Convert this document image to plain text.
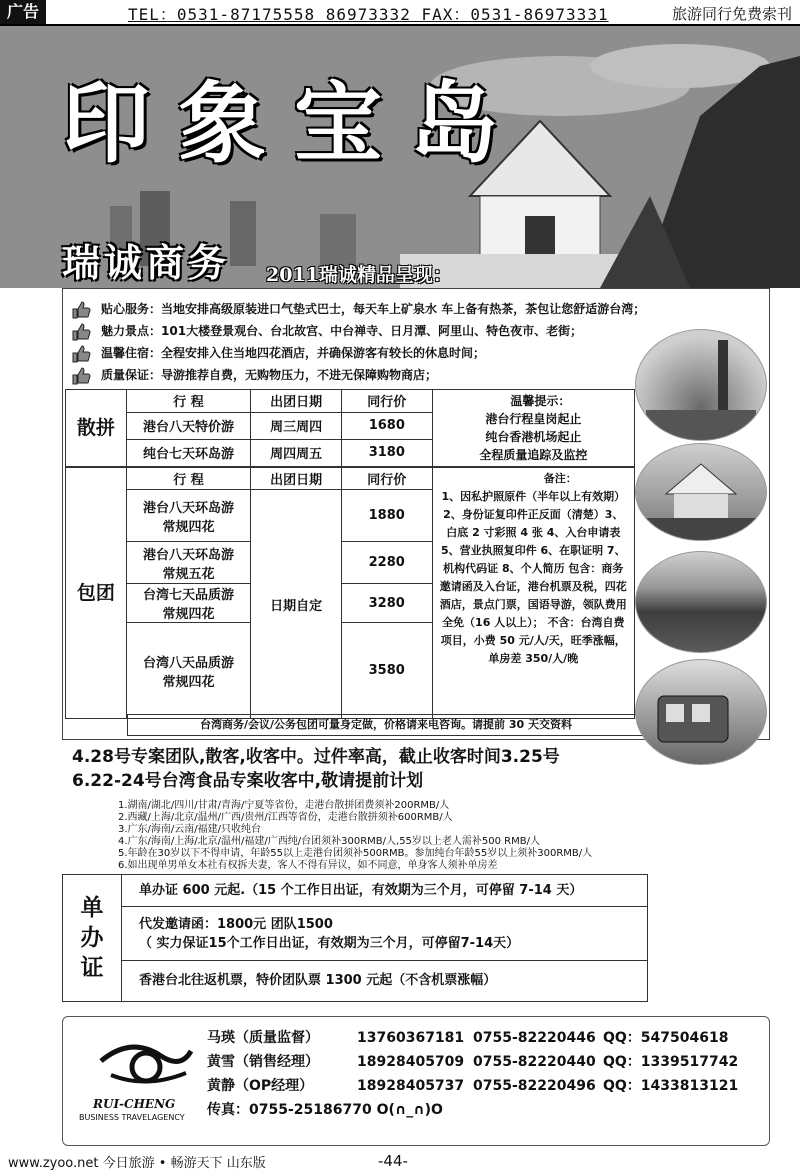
广告	TEL：0531-87175558 86973332 FAX：0531-86973331	旅游同行免费索刊
印象宝岛
瑞诚商务 2011瑞诚精品呈现：
贴心服务：当地安排高级原装进口气垫式巴士，每天车上矿泉水 车上备有热茶，茶包让您舒适游台湾；
魅力景点：101大楼登景观台、台北故宫、中台禅寺、日月潭、阿里山、特色夜市、老街；
温馨住宿：全程安排入住当地四花酒店，并确保游客有较长的休息时间；
质量保证：导游推荐自费，无购物压力，不进无保障购物商店；
散拼	行 程	出团日期	同行价	温馨提示：
港台行程皇岗起止
纯台香港机场起止
全程质量追踪及监控

	港台八天特价游	周三周四	1680	
	纯台七天环岛游	周四周五	3180	
包团	行 程	出团日期	同行价	备注：
1、因私护照原件（半年以上有效期）2、身份证复印件正反面（清楚）3、白底 2 寸彩照 4 张 4、入台申请表 5、营业执照复印件 6、在职证明 7、机构代码证 8、个人简历 包含：商务邀请函及入台证，港台机票及税，四花酒店，景点门票，国语导游，领队费用全免（16 人以上）； 不含：台湾自费项目，小费 50 元/人/天，旺季涨幅，单房差 350/人/晚

	港台八天环岛游常规四花	日期自定	1880	
	港台八天环岛游常规五花		2280	
	台湾七天品质游常规四花		3280	
	台湾八天品质游常规四花		3580	
台湾商务/会议/公务包团可量身定做，价格请来电咨询。请提前 30 天交资料
4.28号专案团队,散客,收客中。过件率高，截止收客时间3.25号
6.22-24号台湾食品专案收客中,敬请提前计划
1.湖南/湖北/四川/甘肃/青海/宁夏等省份，走港台散拼团费须补200RMB/人
2.西藏/上海/北京/温州/广西/贵州/江西等省份，走港台散拼须补600RMB/人
3.广东/海南/云南/福建/只收纯台
4.广东/海南/上海/北京/温州/福建/广西纯/台团须补300RMB/人,55岁以上老人需补500 RMB/人
5.年龄在30岁以下不得申请，年龄55以上走港台团须补500RMB。参加纯台年龄55岁以上须补300RMB/人
6.如出现单男单女本社有权拆夫妻，客人不得有异议，如不同意，单身客人须补单房差
单办证
单办证 600 元起.（15 个工作日出证，有效期为三个月，可停留 7-14 天）
代发邀请函：1800元 团队1500
（ 实力保证15个工作日出证，有效期为三个月，可停留7-14天）
香港台北往返机票，特价团队票 1300 元起（不含机票涨幅）
RUI-CHENG
BUSINESS TRAVELAGENCY
马瑛（质量监督）	13760367181 0755-82220446 QQ：547504618
黄雪（销售经理）	18928405709 0755-82220440 QQ：1339517742
黄静（OP经理）	18928405737 0755-82220496 QQ：1433813121
传真：0755-25186770 O(∩_∩)O
www.zyoo.net 今日旅游 • 畅游天下 山东版	-44-
